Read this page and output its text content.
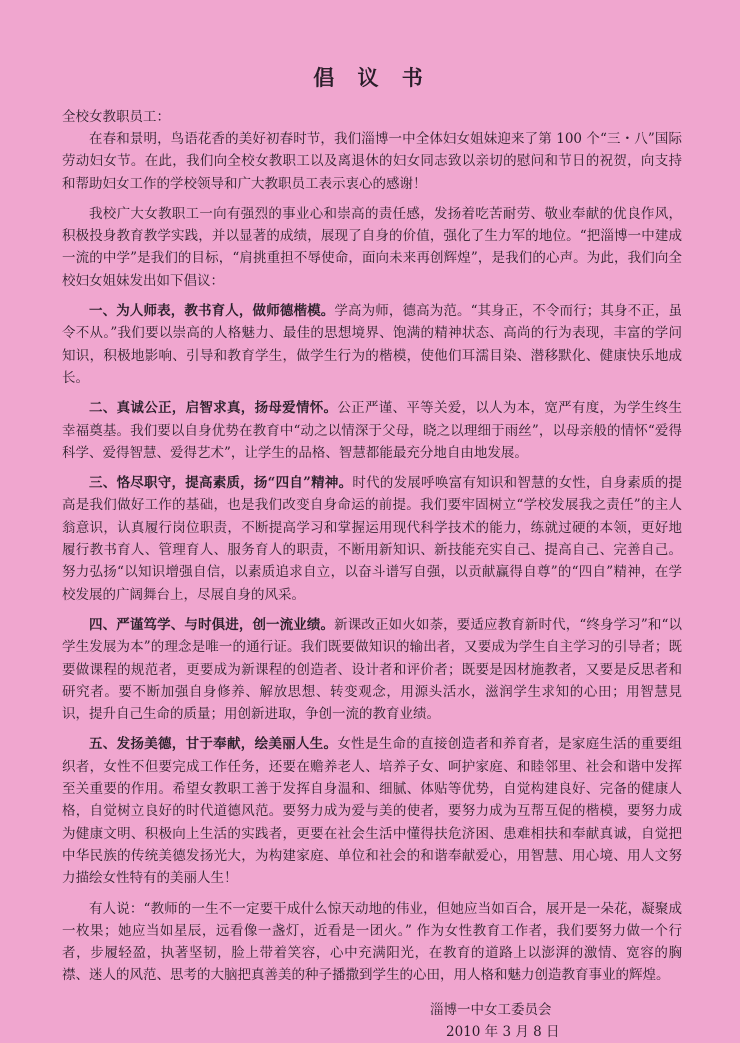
倡 议 书
全校女教职员工：

在春和景明，鸟语花香的美好初春时节，我们淄博一中全体妇女姐妹迎来了第 100 个“三・八”国际劳动妇女节。在此，我们向全校女教职工以及离退休的妇女同志致以亲切的慰问和节日的祝贺，向支持和帮助妇女工作的学校领导和广大教职员工表示衷心的感谢！

我校广大女教职工一向有强烈的事业心和崇高的责任感，发扬着吃苦耐劳、敬业奉献的优良作风，积极投身教育教学实践，并以显著的成绩，展现了自身的价值，强化了生力军的地位。“把淄博一中建成一流的中学”是我们的目标，“肩挑重担不辱使命，面向未来再创辉煌”，是我们的心声。为此，我们向全校妇女姐妹发出如下倡议：

一、为人师表，教书育人，做师德楷模。学高为师，德高为范。“其身正，不令而行；其身不正，虽令不从。”我们要以崇高的人格魅力、最佳的思想境界、饱满的精神状态、高尚的行为表现，丰富的学问知识，积极地影响、引导和教育学生，做学生行为的楷模，使他们耳濡目染、潜移默化、健康快乐地成长。

二、真诚公正，启智求真，扬母爱情怀。公正严谨、平等关爱，以人为本，宽严有度，为学生终生幸福奠基。我们要以自身优势在教育中“动之以情深于父母，晓之以理细于雨丝”，以母亲般的情怀“爱得科学、爱得智慧、爱得艺术”，让学生的品格、智慧都能最充分地自由地发展。

三、恪尽职守，提高素质，扬“四自”精神。时代的发展呼唤富有知识和智慧的女性，自身素质的提高是我们做好工作的基础，也是我们改变自身命运的前提。我们要牢固树立“学校发展我之责任”的主人翁意识，认真履行岗位职责，不断提高学习和掌握运用现代科学技术的能力，练就过硬的本领，更好地履行教书育人、管理育人、服务育人的职责，不断用新知识、新技能充实自己、提高自己、完善自己。努力弘扬“以知识增强自信，以素质追求自立，以奋斗谱写自强，以贡献赢得自尊”的“四自”精神，在学校发展的广阔舞台上，尽展自身的风采。

四、严谨笃学、与时俱进，创一流业绩。新课改正如火如荼，要适应教育新时代，“终身学习”和“以学生发展为本”的理念是唯一的通行证。我们既要做知识的输出者，又要成为学生自主学习的引导者；既要做课程的规范者，更要成为新课程的创造者、设计者和评价者；既要是因材施教者，又要是反思者和研究者。要不断加强自身修养、解放思想、转变观念，用源头活水，滋润学生求知的心田；用智慧見识，提升自己生命的质量；用创新进取，争创一流的教育业绩。

五、发扬美德，甘于奉献，绘美丽人生。女性是生命的直接创造者和养育者，是家庭生活的重要组织者，女性不但要完成工作任务，还要在赡养老人、培养子女、呵护家庭、和睦邻里、社会和谐中发挥至关重要的作用。希望女教职工善于发挥自身温和、细腻、体贴等优势，自觉构建良好、完备的健康人格，自觉树立良好的时代道德风范。要努力成为爱与美的使者，要努力成为互帮互促的楷模，要努力成为健康文明、积极向上生活的实践者，更要在社会生活中懂得扶危济困、患难相扶和奉献真诚，自觉把中华民族的传统美德发扬光大，为构建家庭、单位和社会的和谐奉献爱心，用智慧、用心境、用人文努力描绘女性特有的美丽人生！

有人说：“教师的一生不一定要干成什么惊天动地的伟业，但她应当如百合，展开是一朵花，凝聚成一枚果；她应当如星辰，远看像一盏灯，近看是一团火。” 作为女性教育工作者，我们要努力做一个行者，步履轻盈，执著坚韧，脸上带着笑容，心中充满阳光，在教育的道路上以澎湃的激情、宽容的胸襟、迷人的风范、思考的大脑把真善美的种子播撒到学生的心田，用人格和魅力创造教育事业的辉煌。

淄博一中女工委员会
2010 年 3 月 8 日
